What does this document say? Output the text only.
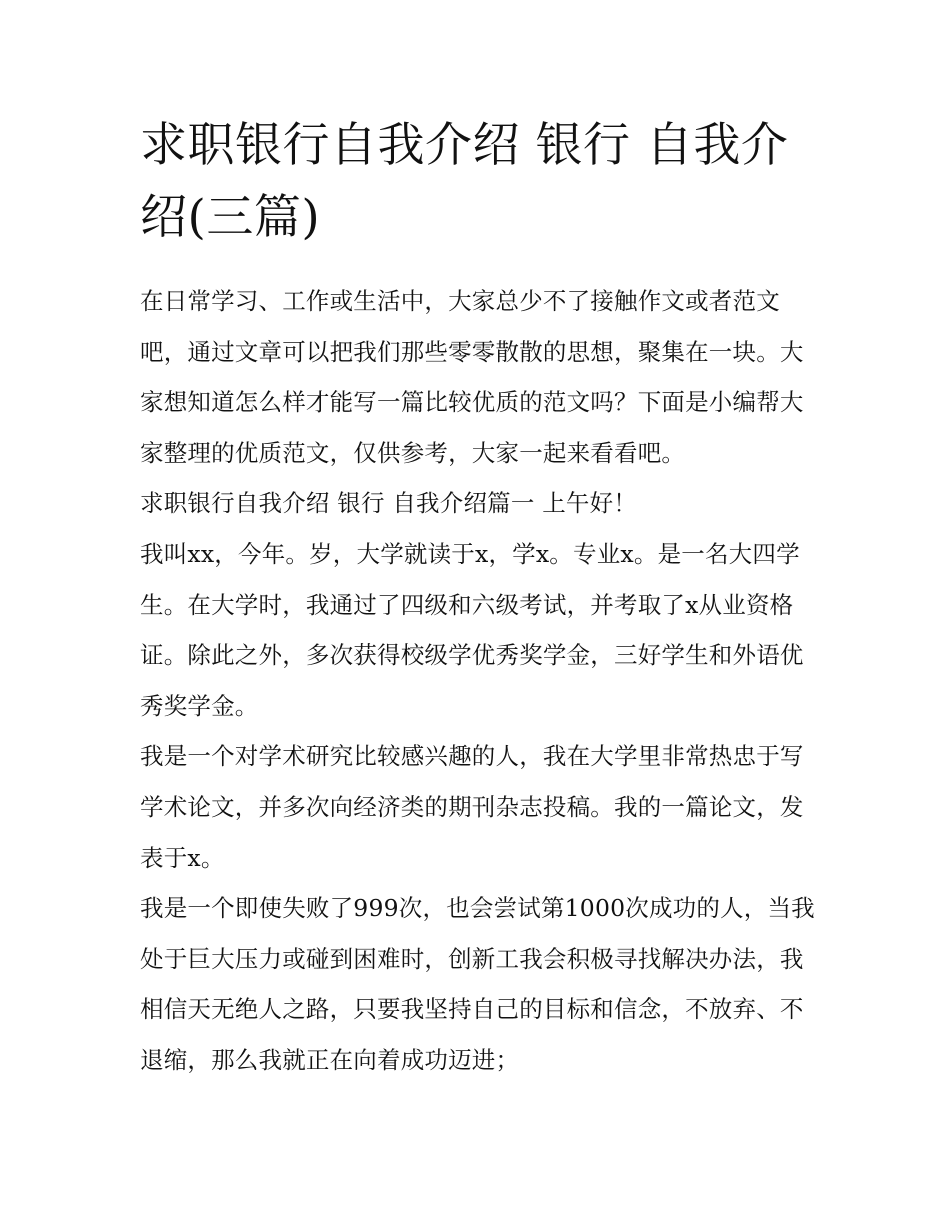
求职银行自我介绍 银行 自我介绍(三篇)

在日常学习、工作或生活中，大家总少不了接触作文或者范文吧，通过文章可以把我们那些零零散散的思想，聚集在一块。大家想知道怎么样才能写一篇比较优质的范文吗？下面是小编帮大家整理的优质范文，仅供参考，大家一起来看看吧。

求职银行自我介绍 银行 自我介绍篇一 上午好！

我叫xx，今年。岁，大学就读于x，学x。专业x。是一名大四学生。在大学时，我通过了四级和六级考试，并考取了x从业资格证。除此之外，多次获得校级学优秀奖学金，三好学生和外语优秀奖学金。

我是一个对学术研究比较感兴趣的人，我在大学里非常热忠于写学术论文，并多次向经济类的期刊杂志投稿。我的一篇论文，发表于x。

我是一个即使失败了999次，也会尝试第1000次成功的人，当我处于巨大压力或碰到困难时，创新工我会积极寻找解决办法，我相信天无绝人之路，只要我坚持自己的目标和信念，不放弃、不退缩，那么我就正在向着成功迈进；
